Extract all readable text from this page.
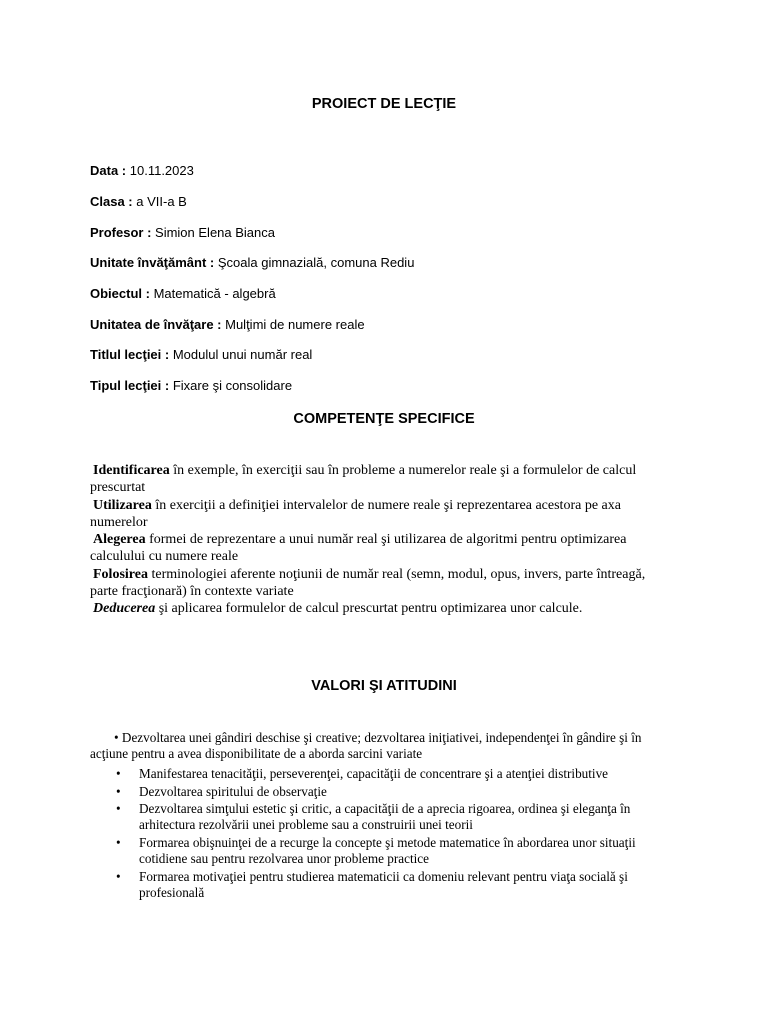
PROIECT DE LECŢIE
Data : 10.11.2023
Clasa : a VII-a B
Profesor : Simion Elena Bianca
Unitate învăţământ : Şcoala gimnazială, comuna Rediu
Obiectul : Matematică - algebră
Unitatea de învăţare : Mulţimi de numere reale
Titlul lecţiei : Modulul unui număr real
Tipul lecţiei : Fixare şi consolidare
COMPETENŢE SPECIFICE
Identificarea în exemple, în exerciţii sau în probleme a numerelor reale şi a formulelor de calcul prescurtat
Utilizarea în exerciţii a definiţiei intervalelor de numere reale şi reprezentarea acestora pe axa numerelor
Alegerea formei de reprezentare a unui număr real şi utilizarea de algoritmi pentru optimizarea calculului cu numere reale
Folosirea terminologiei aferente noţiunii de număr real (semn, modul, opus, invers, parte întreagă, parte fracţionară) în contexte variate
Deducerea şi aplicarea formulelor de calcul prescurtat pentru optimizarea unor calcule.
VALORI ŞI ATITUDINI
• Dezvoltarea unei gândiri deschise şi creative; dezvoltarea iniţiativei, independenţei în gândire şi în acţiune pentru a avea disponibilitate de a aborda sarcini variate
• Manifestarea tenacităţii, perseverenţei, capacităţii de concentrare şi a atenţiei distributive
• Dezvoltarea spiritului de observaţie
• Dezvoltarea simţului estetic şi critic, a capacităţii de a aprecia rigoarea, ordinea şi eleganţa în arhitectura rezolvării unei probleme sau a construirii unei teorii
• Formarea obişnuinţei de a recurge la concepte şi metode matematice în abordarea unor situaţii cotidiene sau pentru rezolvarea unor probleme practice
• Formarea motivaţiei pentru studierea matematicii ca domeniu relevant pentru viaţa socială şi profesională
